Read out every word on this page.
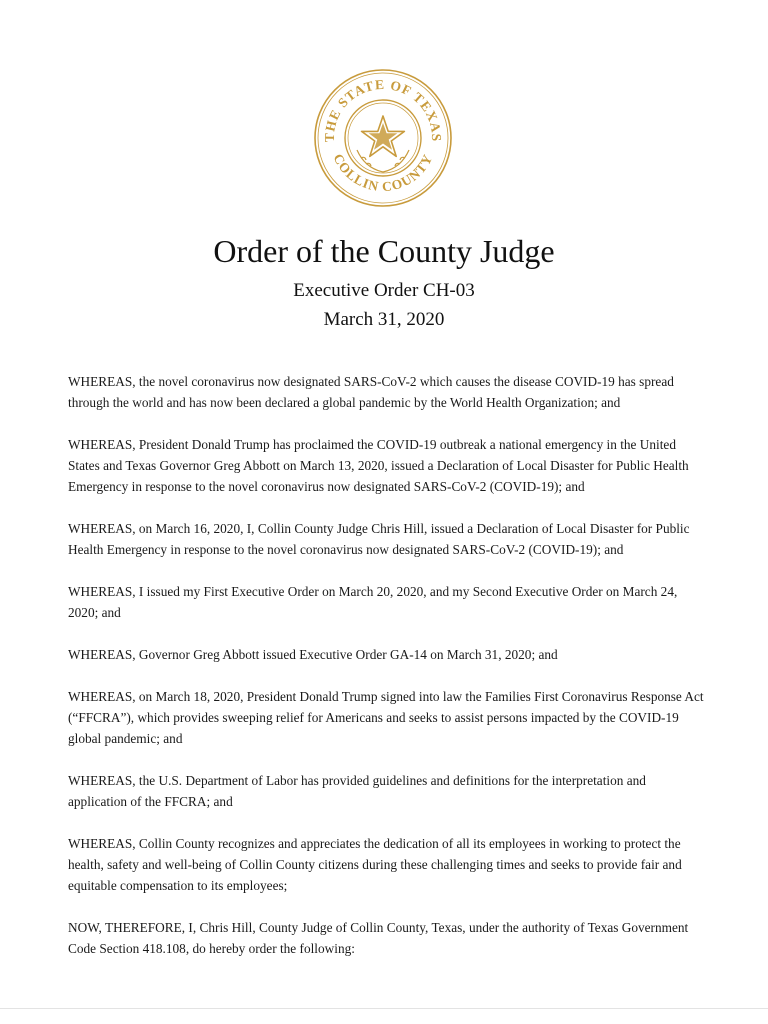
THE STATE OF TEXAS
COLLIN COUNTY
Order of the County Judge
Executive Order CH-03
March 31, 2020

WHEREAS, the novel coronavirus now designated SARS-CoV-2 which causes the disease COVID-19 has spread through the world and has now been declared a global pandemic by the World Health Organization; and

WHEREAS, President Donald Trump has proclaimed the COVID-19 outbreak a national emergency in the United States and Texas Governor Greg Abbott on March 13, 2020, issued a Declaration of Local Disaster for Public Health Emergency in response to the novel coronavirus now designated SARS-CoV-2 (COVID-19); and

WHEREAS, on March 16, 2020, I, Collin County Judge Chris Hill, issued a Declaration of Local Disaster for Public Health Emergency in response to the novel coronavirus now designated SARS-CoV-2 (COVID-19); and

WHEREAS, I issued my First Executive Order on March 20, 2020, and my Second Executive Order on March 24, 2020; and

WHEREAS, Governor Greg Abbott issued Executive Order GA-14 on March 31, 2020; and

WHEREAS, on March 18, 2020, President Donald Trump signed into law the Families First Coronavirus Response Act (“FFCRA”), which provides sweeping relief for Americans and seeks to assist persons impacted by the COVID-19 global pandemic; and

WHEREAS, the U.S. Department of Labor has provided guidelines and definitions for the interpretation and application of the FFCRA; and

WHEREAS, Collin County recognizes and appreciates the dedication of all its employees in working to protect the health, safety and well-being of Collin County citizens during these challenging times and seeks to provide fair and equitable compensation to its employees;

NOW, THEREFORE, I, Chris Hill, County Judge of Collin County, Texas, under the authority of Texas Government Code Section 418.108, do hereby order the following:
